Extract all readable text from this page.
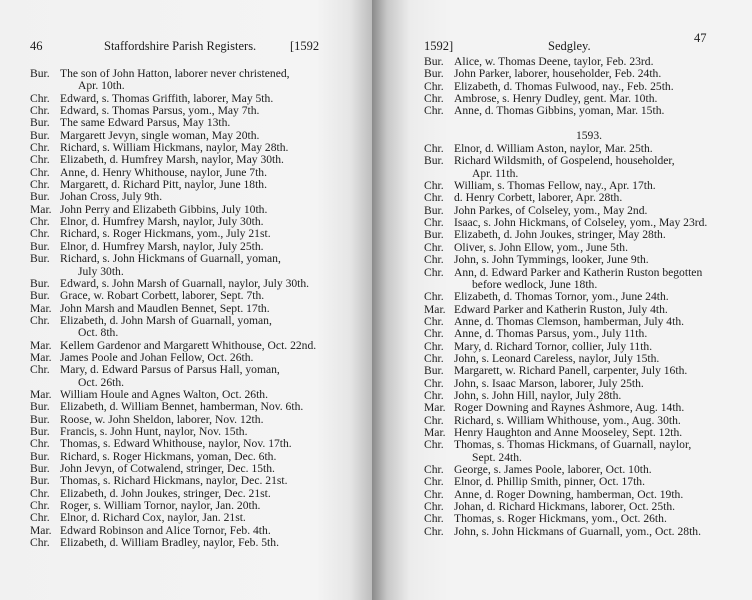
46	Staffordshire Parish Registers.	[1592
Bur. The son of John Hatton, laborer never christened,
Apr. 10th.
Chr. Edward, s. Thomas Griffith, laborer, May 5th.
Chr. Edward, s. Thomas Parsus, yom., May 7th.
Bur. The same Edward Parsus, May 13th.
Bur. Margarett Jevyn, single woman, May 20th.
Chr. Richard, s. William Hickmans, naylor, May 28th.
Chr. Elizabeth, d. Humfrey Marsh, naylor, May 30th.
Chr. Anne, d. Henry Whithouse, naylor, June 7th.
Chr. Margarett, d. Richard Pitt, naylor, June 18th.
Bur. Johan Cross, July 9th.
Mar. John Perry and Elizabeth Gibbins, July 10th.
Chr. Elnor, d. Humfrey Marsh, naylor, July 30th.
Chr. Richard, s. Roger Hickmans, yom., July 21st.
Bur. Elnor, d. Humfrey Marsh, naylor, July 25th.
Bur. Richard, s. John Hickmans of Guarnall, yoman,
July 30th.
Bur. Edward, s. John Marsh of Guarnall, naylor, July 30th.
Bur. Grace, w. Robart Corbett, laborer, Sept. 7th.
Mar. John Marsh and Maudlen Bennet, Sept. 17th.
Chr. Elizabeth, d. John Marsh of Guarnall, yoman,
Oct. 8th.
Mar. Kellem Gardenor and Margarett Whithouse, Oct. 22nd.
Mar. James Poole and Johan Fellow, Oct. 26th.
Chr. Mary, d. Edward Parsus of Parsus Hall, yoman,
Oct. 26th.
Mar. William Houle and Agnes Walton, Oct. 26th.
Bur. Elizabeth, d. William Bennet, hamberman, Nov. 6th.
Bur. Roose, w. John Sheldon, laborer, Nov. 12th.
Bur. Francis, s. John Hunt, naylor, Nov. 15th.
Chr. Thomas, s. Edward Whithouse, naylor, Nov. 17th.
Bur. Richard, s. Roger Hickmans, yoman, Dec. 6th.
Bur. John Jevyn, of Cotwalend, stringer, Dec. 15th.
Bur. Thomas, s. Richard Hickmans, naylor, Dec. 21st.
Chr. Elizabeth, d. John Joukes, stringer, Dec. 21st.
Chr. Roger, s. William Tornor, naylor, Jan. 20th.
Chr. Elnor, d. Richard Cox, naylor, Jan. 21st.
Mar. Edward Robinson and Alice Tornor, Feb. 4th.
Chr. Elizabeth, d. William Bradley, naylor, Feb. 5th.
1592]	Sedgley.
47
Bur. Alice, w. Thomas Deene, taylor, Feb. 23rd.
Bur. John Parker, laborer, householder, Feb. 24th.
Chr. Elizabeth, d. Thomas Fulwood, nay., Feb. 25th.
Chr. Ambrose, s. Henry Dudley, gent. Mar. 10th.
Chr. Anne, d. Thomas Gibbins, yoman, Mar. 15th.
1593.
Chr. Elnor, d. William Aston, naylor, Mar. 25th.
Bur. Richard Wildsmith, of Gospelend, householder,
Apr. 11th.
Chr. William, s. Thomas Fellow, nay., Apr. 17th.
Chr. d. Henry Corbett, laborer, Apr. 28th.
Bur. John Parkes, of Colseley, yom., May 2nd.
Chr. Isaac, s. John Hickmans, of Colseley, yom., May 23rd.
Bur. Elizabeth, d. John Joukes, stringer, May 28th.
Chr. Oliver, s. John Ellow, yom., June 5th.
Chr. John, s. John Tymmings, looker, June 9th.
Chr. Ann, d. Edward Parker and Katherin Ruston begotten
before wedlock, June 18th.
Chr. Elizabeth, d. Thomas Tornor, yom., June 24th.
Mar. Edward Parker and Katherin Ruston, July 4th.
Chr. Anne, d. Thomas Clemson, hamberman, July 4th.
Chr. Anne, d. Thomas Parsus, yom., July 11th.
Chr. Mary, d. Richard Tornor, collier, July 11th.
Chr. John, s. Leonard Careless, naylor, July 15th.
Bur. Margarett, w. Richard Panell, carpenter, July 16th.
Chr. John, s. Isaac Marson, laborer, July 25th.
Chr. John, s. John Hill, naylor, July 28th.
Mar. Roger Downing and Raynes Ashmore, Aug. 14th.
Chr. Richard, s. William Whithouse, yom., Aug. 30th.
Mar. Henry Haughton and Anne Mooseley, Sept. 12th.
Chr. Thomas, s. Thomas Hickmans, of Guarnall, naylor,
Sept. 24th.
Chr. George, s. James Poole, laborer, Oct. 10th.
Chr. Elnor, d. Phillip Smith, pinner, Oct. 17th.
Chr. Anne, d. Roger Downing, hamberman, Oct. 19th.
Chr. Johan, d. Richard Hickmans, laborer, Oct. 25th.
Chr. Thomas, s. Roger Hickmans, yom., Oct. 26th.
Chr. John, s. John Hickmans of Guarnall, yom., Oct. 28th.
